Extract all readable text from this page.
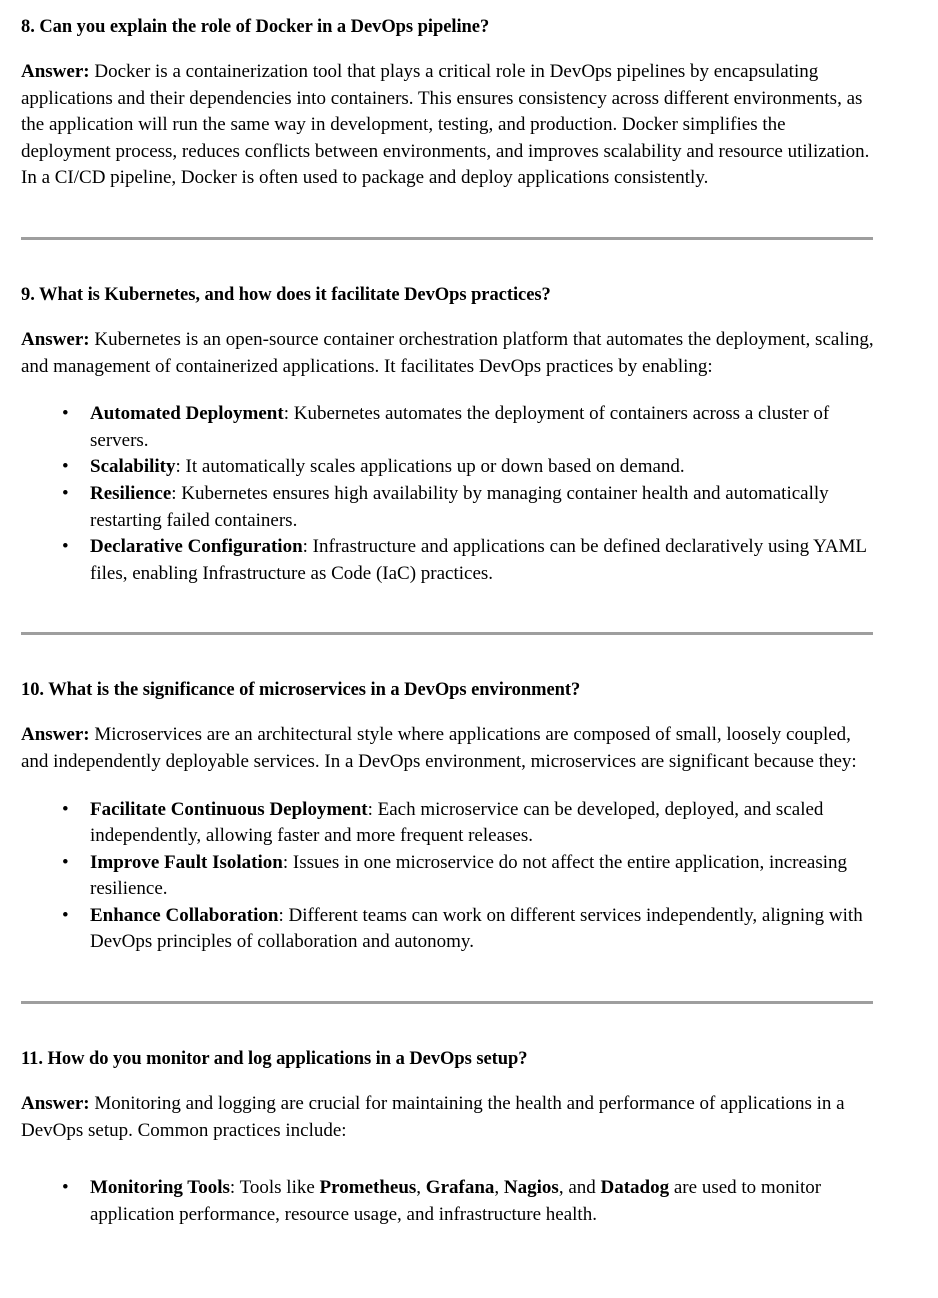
8. Can you explain the role of Docker in a DevOps pipeline?

Answer: Docker is a containerization tool that plays a critical role in DevOps pipelines by encapsulating applications and their dependencies into containers. This ensures consistency across different environments, as the application will run the same way in development, testing, and production. Docker simplifies the deployment process, reduces conflicts between environments, and improves scalability and resource utilization. In a CI/CD pipeline, Docker is often used to package and deploy applications consistently.

9. What is Kubernetes, and how does it facilitate DevOps practices?

Answer: Kubernetes is an open-source container orchestration platform that automates the deployment, scaling, and management of containerized applications. It facilitates DevOps practices by enabling:

•	Automated Deployment: Kubernetes automates the deployment of containers across a cluster of servers.
•	Scalability: It automatically scales applications up or down based on demand.
•	Resilience: Kubernetes ensures high availability by managing container health and automatically restarting failed containers.
•	Declarative Configuration: Infrastructure and applications can be defined declaratively using YAML files, enabling Infrastructure as Code (IaC) practices.
10. What is the significance of microservices in a DevOps environment?

Answer: Microservices are an architectural style where applications are composed of small, loosely coupled, and independently deployable services. In a DevOps environment, microservices are significant because they:

•	Facilitate Continuous Deployment: Each microservice can be developed, deployed, and scaled independently, allowing faster and more frequent releases.
•	Improve Fault Isolation: Issues in one microservice do not affect the entire application, increasing resilience.
•	Enhance Collaboration: Different teams can work on different services independently, aligning with DevOps principles of collaboration and autonomy.
11. How do you monitor and log applications in a DevOps setup?

Answer: Monitoring and logging are crucial for maintaining the health and performance of applications in a DevOps setup. Common practices include:

•	Monitoring Tools: Tools like Prometheus, Grafana, Nagios, and Datadog are used to monitor application performance, resource usage, and infrastructure health.
